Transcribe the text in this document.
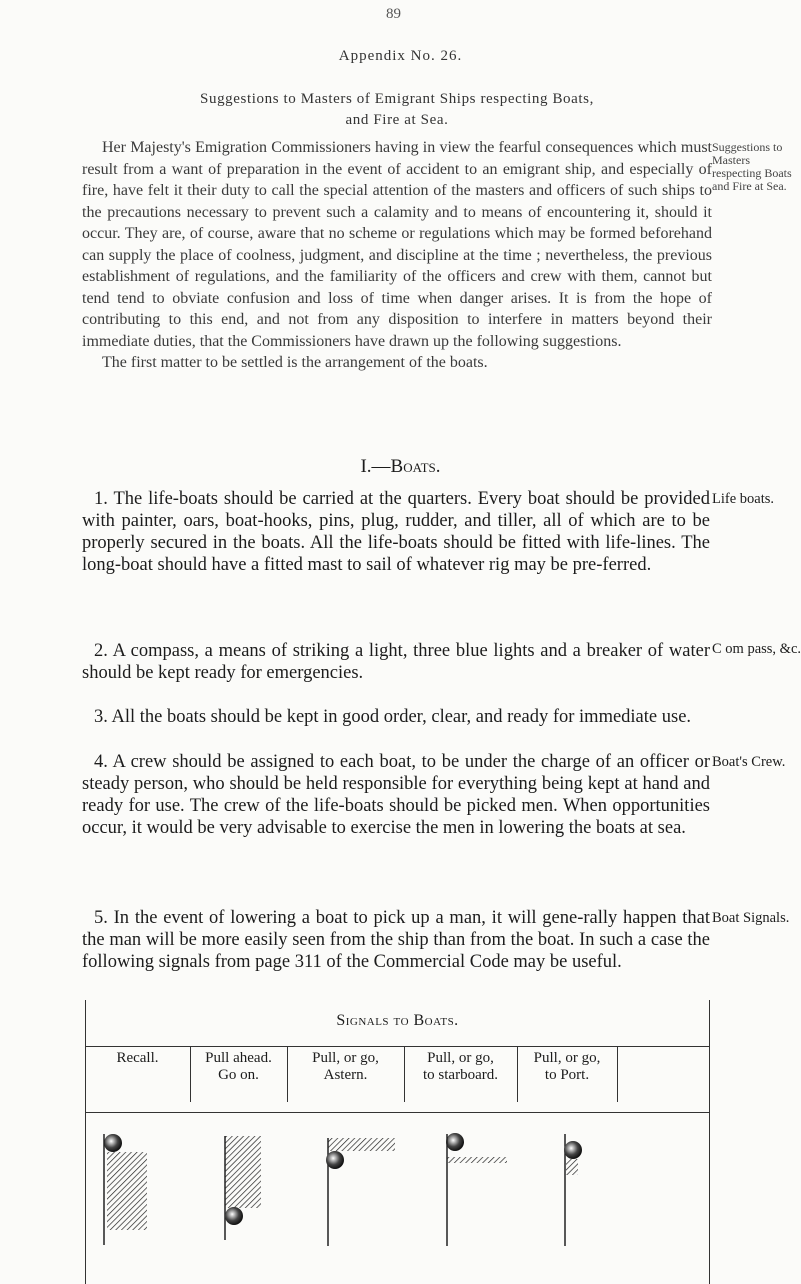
89
Appendix No. 26.
Suggestions to Masters of Emigrant Ships respecting Boats,
and Fire at Sea.

Her Majesty's Emigration Commissioners having in view the fearful consequences which must result from a want of preparation in the event of accident to an emigrant ship, and especially of fire, have felt it their duty to call the special attention of the masters and officers of such ships to the precautions necessary to prevent such a calamity and to means of encountering it, should it occur. They are, of course, aware that no scheme or regulations which may be formed beforehand can supply the place of coolness, judgment, and discipline at the time ; nevertheless, the previous establishment of regulations, and the familiarity of the officers and crew with them, cannot but tend tend to obviate confusion and loss of time when danger arises. It is from the hope of contributing to this end, and not from any disposition to interfere in matters beyond their immediate duties, that the Commissioners have drawn up the following suggestions.

The first matter to be settled is the arrangement of the boats.

Suggestions to Masters respecting Boats and Fire at Sea.
I.—Boats.

1. The life-boats should be carried at the quarters. Every boat should be provided with painter, oars, boat-hooks, pins, plug, rudder, and tiller, all of which are to be properly secured in the boats. All the life-boats should be fitted with life-lines. The long-boat should have a fitted mast to sail of whatever rig may be pre-ferred.

Life boats.

2. A compass, a means of striking a light, three blue lights and a breaker of water should be kept ready for emergencies.

C om pass, &c.

3. All the boats should be kept in good order, clear, and ready for immediate use.

4. A crew should be assigned to each boat, to be under the charge of an officer or steady person, who should be held responsible for everything being kept at hand and ready for use. The crew of the life-boats should be picked men. When opportunities occur, it would be very advisable to exercise the men in lowering the boats at sea.

Boat's Crew.

5. In the event of lowering a boat to pick up a man, it will gene-rally happen that the man will be more easily seen from the ship than from the boat. In such a case the following signals from page 311 of the Commercial Code may be useful.

Boat Signals.
Signals to Boats.
Recall.	Pull ahead.
Go on.
Pull, or go,
Astern.
Pull, or go,
to starboard.
Pull, or go,
to Port.
